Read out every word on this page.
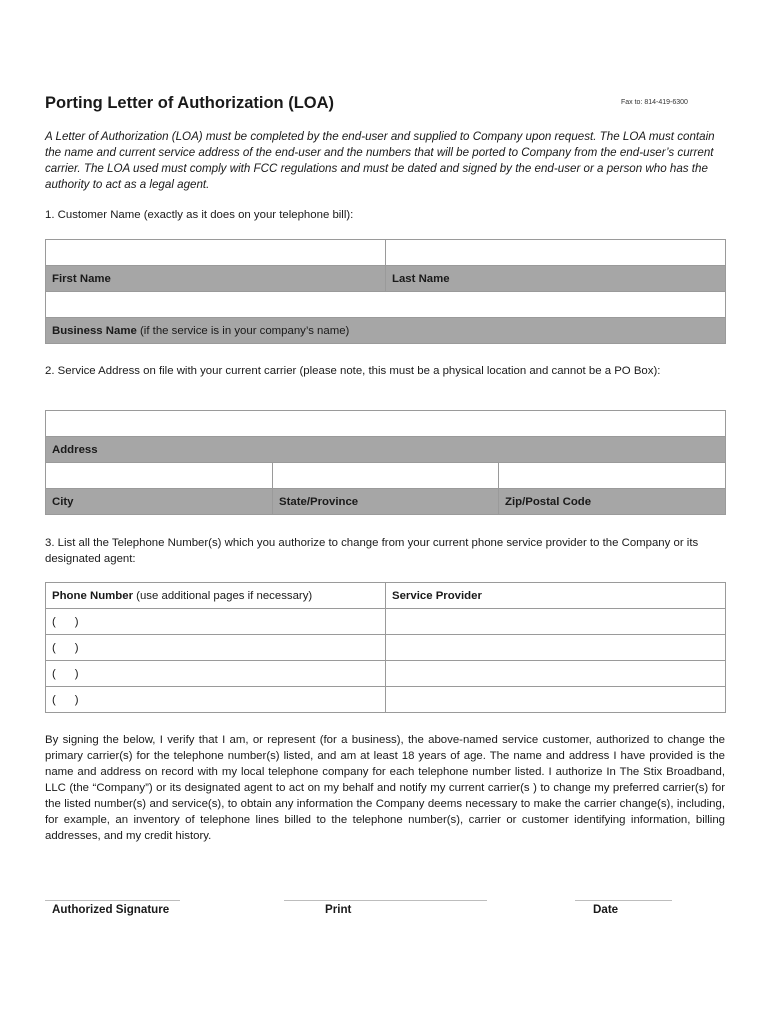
Porting Letter of Authorization (LOA)	Fax to: 814-419-6300
A Letter of Authorization (LOA) must be completed by the end-user and supplied to Company upon request. The LOA must contain the name and current service address of the end-user and the numbers that will be ported to Company from the end-user’s current carrier. The LOA used must comply with FCC regulations and must be dated and signed by the end-user or a person who has the authority to act as a legal agent.
1. Customer Name (exactly as it does on your telephone bill):

First Name	Last Name

Business Name (if the service is in your company’s name)	
2. Service Address on file with your current carrier (please note, this must be a physical location and cannot be a PO Box):

Address		

City	State/Province	Zip/Postal Code
3. List all the Telephone Number(s) which you authorize to change from your current phone service provider to the Company or its designated agent:
Phone Number (use additional pages if necessary)	Service Provider
(      )	
(      )	
(      )	
(      )	
By signing the below, I verify that I am, or represent (for a business), the above-named service customer, authorized to change the primary carrier(s) for the telephone number(s) listed, and am at least 18 years of age. The name and address I have provided is the name and address on record with my local telephone company for each telephone number listed. I authorize In The Stix Broadband, LLC (the “Company”) or its designated agent to act on my behalf and notify my current carrier(s ) to change my preferred carrier(s) for the listed number(s) and service(s), to obtain any information the Company deems necessary to make the carrier change(s), including, for example, an inventory of telephone lines billed to the telephone number(s), carrier or customer identifying information, billing addresses, and my credit history.
Authorized Signature	Print	Date
